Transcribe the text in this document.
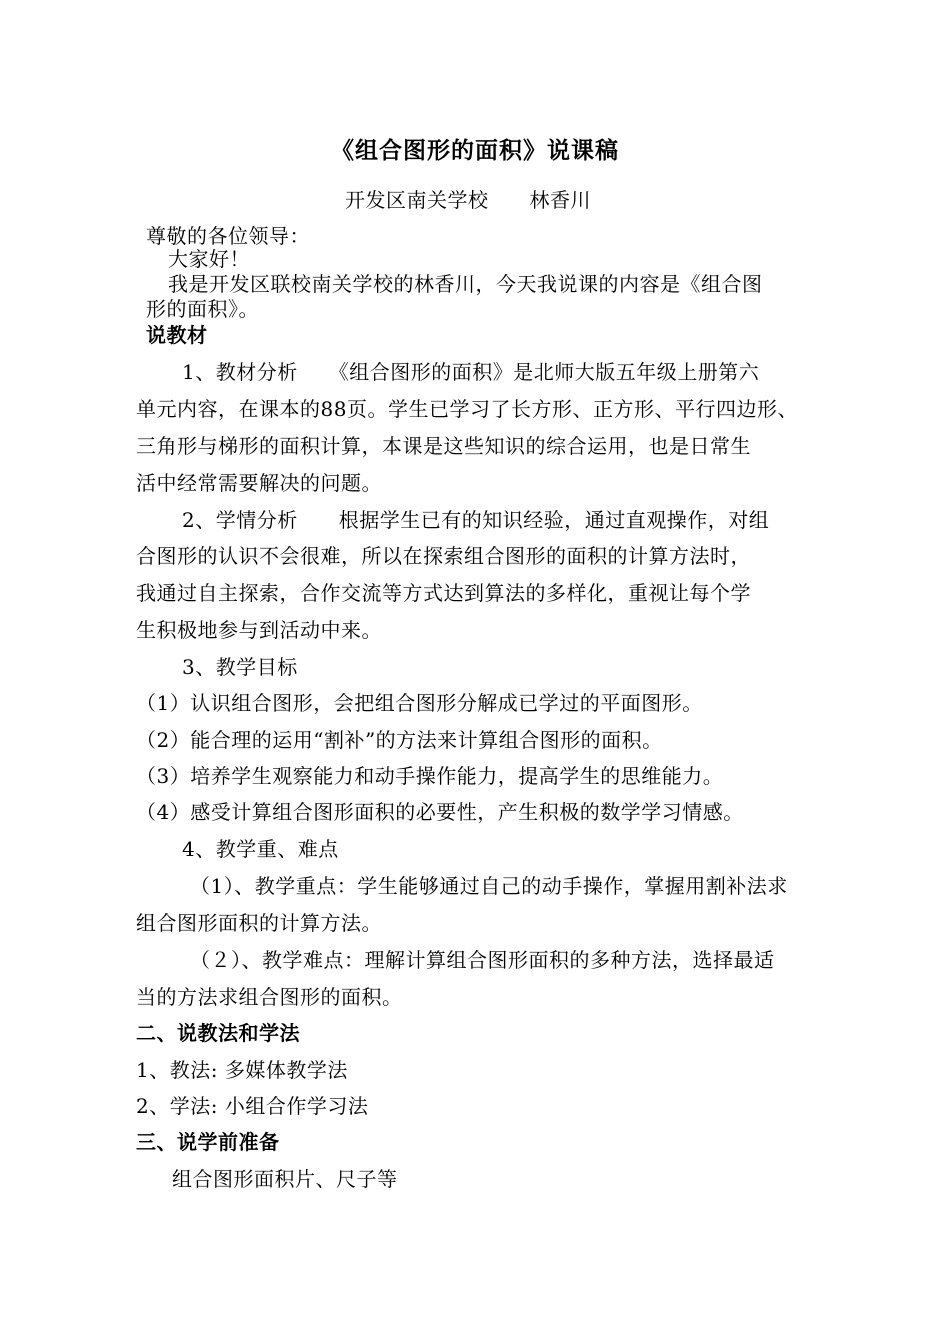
《组合图形的面积》说课稿
开发区南关学校　　林香川
尊敬的各位领导：
大家好！
我是开发区联校南关学校的林香川，今天我说课的内容是《组合图
形的面积》。
说教材
1、教材分析　　《组合图形的面积》是北师大版五年级上册第六
单元内容，在课本的88页。学生已学习了长方形、正方形、平行四边形、
三角形与梯形的面积计算，本课是这些知识的综合运用，也是日常生
活中经常需要解决的问题。
2、学情分析　　根据学生已有的知识经验，通过直观操作，对组
合图形的认识不会很难，所以在探索组合图形的面积的计算方法时，
我通过自主探索，合作交流等方式达到算法的多样化，重视让每个学
生积极地参与到活动中来。
3、教学目标
（1）认识组合图形，会把组合图形分解成已学过的平面图形。
（2）能合理的运用“割补”的方法来计算组合图形的面积。
（3）培养学生观察能力和动手操作能力，提高学生的思维能力。
（4）感受计算组合图形面积的必要性，产生积极的数学学习情感。
4、教学重、难点
（1）、教学重点：学生能够通过自己的动手操作，掌握用割补法求
组合图形面积的计算方法。
（２）、教学难点：理解计算组合图形面积的多种方法，选择最适
当的方法求组合图形的面积。
二、说教法和学法
1、教法: 多媒体教学法
2、学法: 小组合作学习法
三、说学前准备
组合图形面积片、尺子等
